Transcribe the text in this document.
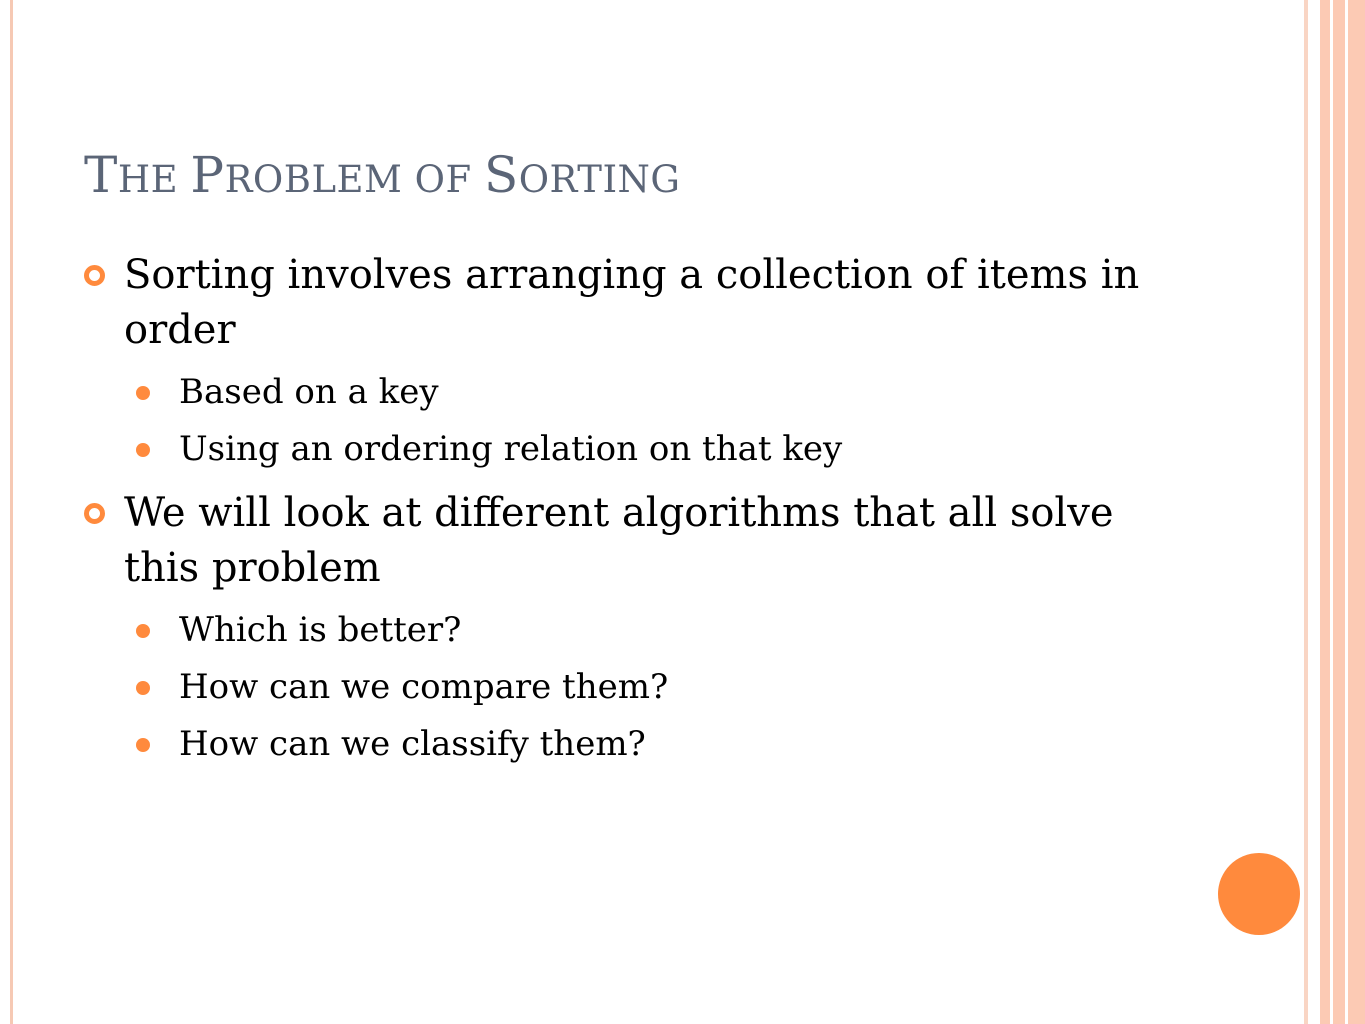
THE PROBLEM OF SORTING
Sorting involves arranging a collection of items in order
Based on a key
Using an ordering relation on that key
We will look at different algorithms that all solve this problem
Which is better?
How can we compare them?
How can we classify them?
